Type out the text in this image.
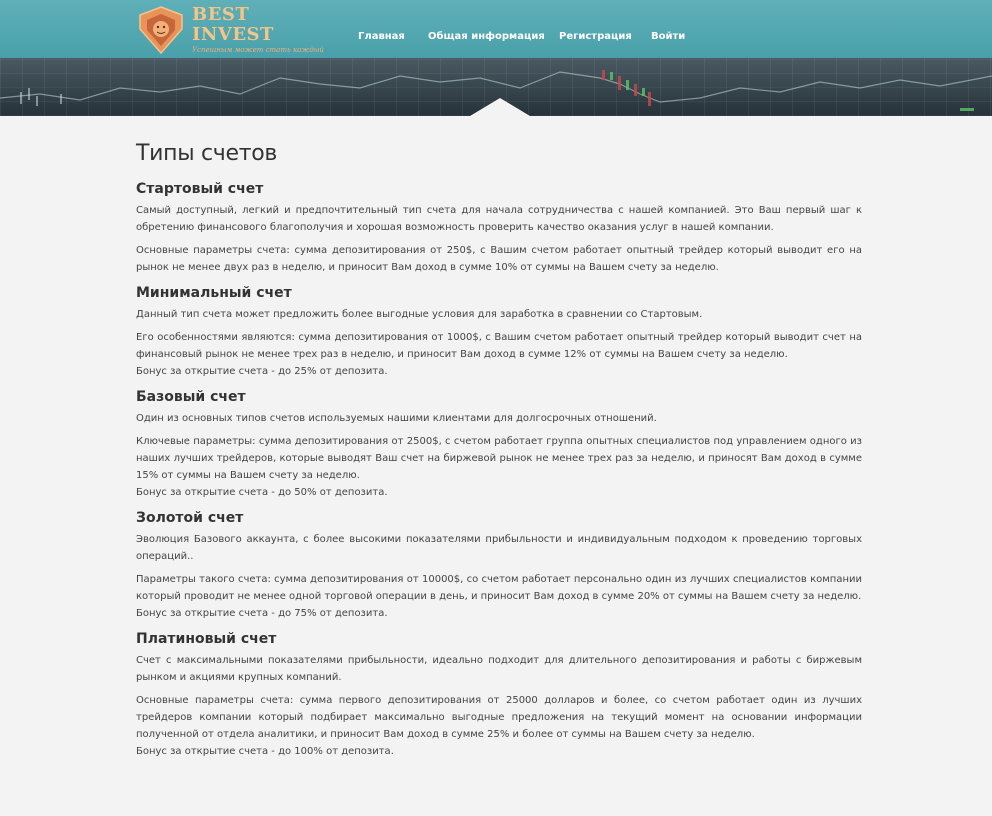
BEST INVEST
Успешным может стать каждый
Главная Общая информация Регистрация Войти
Типы счетов
Стартовый счет

Самый доступный, легкий и предпочтительный тип счета для начала сотрудничества с нашей компанией. Это Ваш первый шаг к обретению финансового благополучия и хорошая возможность проверить качество оказания услуг в нашей компании.

Основные параметры счета: сумма депозитирования от 250$, с Вашим счетом работает опытный трейдер который выводит его на рынок не менее двух раз в неделю, и приносит Вам доход в сумме 10% от суммы на Вашем счету за неделю.

Минимальный счет

Данный тип счета может предложить более выгодные условия для заработка в сравнении со Стартовым.

Его особенностями являются: сумма депозитирования от 1000$, с Вашим счетом работает опытный трейдер который выводит счет на финансовый рынок не менее трех раз в неделю, и приносит Вам доход в сумме 12% от суммы на Вашем счету за неделю.

Бонус за открытие счета - до 25% от депозита.

Базовый счет

Один из основных типов счетов используемых нашими клиентами для долгосрочных отношений.

Ключевые параметры: сумма депозитирования от 2500$, с счетом работает группа опытных специалистов под управлением одного из наших лучших трейдеров, которые выводят Ваш счет на биржевой рынок не менее трех раз за неделю, и приносят Вам доход в сумме 15% от суммы на Вашем счету за неделю.

Бонус за открытие счета - до 50% от депозита.

Золотой счет

Эволюция Базового аккаунта, с более высокими показателями прибыльности и индивидуальным подходом к проведению торговых операций..

Параметры такого счета: сумма депозитирования от 10000$, со счетом работает персонально один из лучших специалистов компании который проводит не менее одной торговой операции в день, и приносит Вам доход в сумме 20% от суммы на Вашем счету за неделю.

Бонус за открытие счета - до 75% от депозита.

Платиновый счет

Счет с максимальными показателями прибыльности, идеально подходит для длительного депозитирования и работы с биржевым рынком и акциями крупных компаний.

Основные параметры счета: сумма первого депозитирования от 25000 долларов и более, со счетом работает один из лучших трейдеров компании который подбирает максимально выгодные предложения на текущий момент на основании информации полученной от отдела аналитики, и приносит Вам доход в сумме 25% и более от суммы на Вашем счету за неделю.

Бонус за открытие счета - до 100% от депозита.
